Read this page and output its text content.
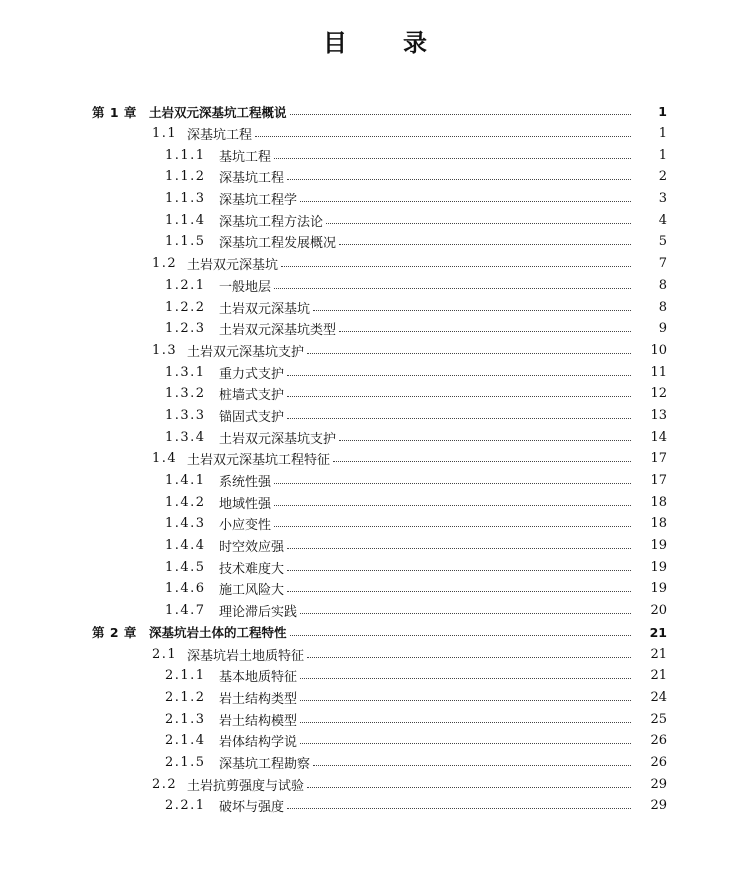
目 录
第 1 章 土岩双元深基坑工程概说	1
1.1 深基坑工程	1
1.1.1	基坑工程	1
1.1.2	深基坑工程	2
1.1.3	深基坑工程学	3
1.1.4	深基坑工程方法论	4
1.1.5	深基坑工程发展概况	5
1.2 土岩双元深基坑	7
1.2.1	一般地层	8
1.2.2	土岩双元深基坑	8
1.2.3	土岩双元深基坑类型	9
1.3 土岩双元深基坑支护	10
1.3.1	重力式支护	11
1.3.2	桩墙式支护	12
1.3.3	锚固式支护	13
1.3.4	土岩双元深基坑支护	14
1.4 土岩双元深基坑工程特征	17
1.4.1	系统性强	17
1.4.2	地域性强	18
1.4.3	小应变性	18
1.4.4	时空效应强	19
1.4.5	技术难度大	19
1.4.6	施工风险大	19
1.4.7	理论滞后实践	20
第 2 章 深基坑岩土体的工程特性	21
2.1 深基坑岩土地质特征	21
2.1.1	基本地质特征	21
2.1.2	岩土结构类型	24
2.1.3	岩土结构模型	25
2.1.4	岩体结构学说	26
2.1.5	深基坑工程勘察	26
2.2 土岩抗剪强度与试验	29
2.2.1	破坏与强度	29
